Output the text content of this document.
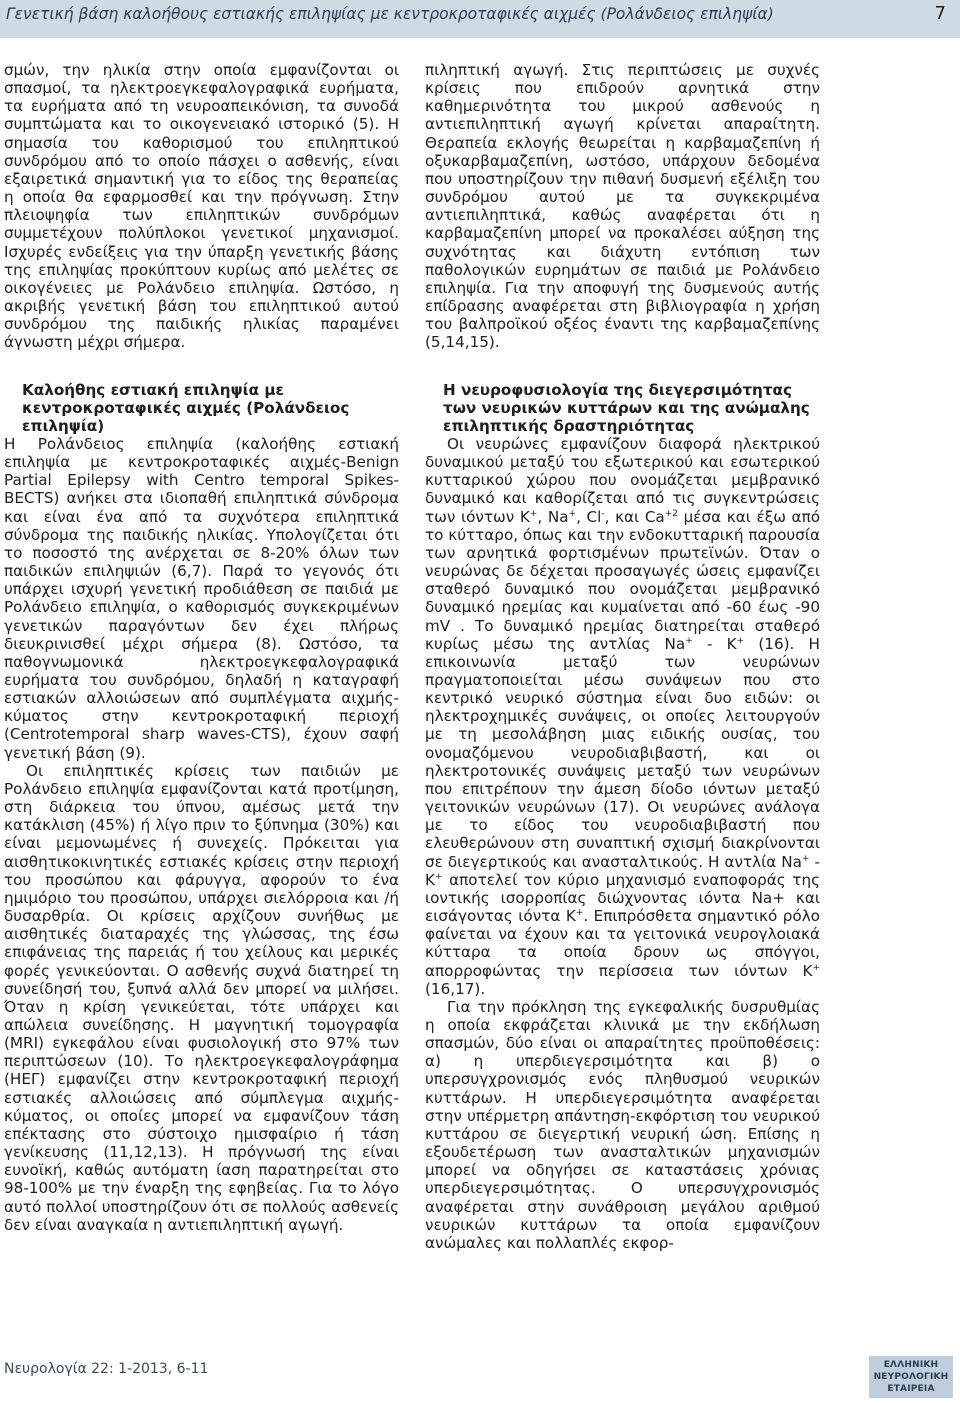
Γενετική βάση καλοήθους εστιακής επιληψίας με κεντροκροταφικές αιχμές (Ρολάνδειος επιληψία)	7

σμών, την ηλικία στην οποία εμφανίζονται οι σπασμοί, τα ηλεκτροεγκεφαλογραφικά ευρήματα, τα ευρήματα από τη νευροαπεικόνιση, τα συνοδά συμπτώματα και το οικογενειακό ιστορικό (5). Η σημασία του καθορισμού του επιληπτικού συνδρόμου από το οποίο πάσχει ο ασθενής, είναι εξαιρετικά σημαντική για το είδος της θεραπείας η οποία θα εφαρμοσθεί και την πρόγνωση. Στην πλειοψηφία των επιληπτικών συνδρόμων συμμετέχουν πολύπλοκοι γενετικοί μηχανισμοί. Ισχυρές ενδείξεις για την ύπαρξη γενετικής βάσης της επιληψίας προκύπτουν κυρίως από μελέτες σε οικογένειες με Ρολάνδειο επιληψία. Ωστόσο, η ακριβής γενετική βάση του επιληπτικού αυτού συνδρόμου της παιδικής ηλικίας παραμένει άγνωστη μέχρι σήμερα.

Καλοήθης εστιακή επιληψία με
κεντροκροταφικές αιχμές (Ρολάνδειος
επιληψία)

Η Ρολάνδειος επιληψία (καλοήθης εστιακή επιληψία με κεντροκροταφικές αιχμές-Benign Partial Epilepsy with Centro temporal Spikes-BECTS) ανήκει στα ιδιοπαθή επιληπτικά σύνδρομα και είναι ένα από τα συχνότερα επιληπτικά σύνδρομα της παιδικής ηλικίας. Υπολογίζεται ότι το ποσοστό της ανέρχεται σε 8-20% όλων των παιδικών επιληψιών (6,7). Παρά το γεγονός ότι υπάρχει ισχυρή γενετική προδιάθεση σε παιδιά με Ρολάνδειο επιληψία, ο καθορισμός συγκεκριμένων γενετικών παραγόντων δεν έχει πλήρως διευκρινισθεί μέχρι σήμερα (8). Ωστόσο, τα παθογνωμονικά ηλεκτροεγκεφαλογραφικά ευρήματα του συνδρόμου, δηλαδή η καταγραφή εστιακών αλλοιώσεων από συμπλέγματα αιχμής-κύματος στην κεντροκροταφική περιοχή (Centrotemporal sharp waves-CTS), έχουν σαφή γενετική βάση (9).

Οι επιληπτικές κρίσεις των παιδιών με Ρολάνδειο επιληψία εμφανίζονται κατά προτίμηση, στη διάρκεια του ύπνου, αμέσως μετά την κατάκλιση (45%) ή λίγο πριν το ξύπνημα (30%) και είναι μεμονωμένες ή συνεχείς. Πρόκειται για αισθητικοκινητικές εστιακές κρίσεις στην περιοχή του προσώπου και φάρυγγα, αφορούν το ένα ημιμόριο του προσώπου, υπάρχει σιελόρροια και /ή δυσαρθρία. Οι κρίσεις αρχίζουν συνήθως με αισθητικές διαταραχές της γλώσσας, της έσω επιφάνειας της παρειάς ή του χείλους και μερικές φορές γενικεύονται. Ο ασθενής συχνά διατηρεί τη συνείδησή του, ξυπνά αλλά δεν μπορεί να μιλήσει. Όταν η κρίση γενικεύεται, τότε υπάρχει και απώλεια συνείδησης. Η μαγνητική τομογραφία (MRI) εγκεφάλου είναι φυσιολογική στο 97% των περιπτώσεων (10). Το ηλεκτροεγκεφαλογράφημα (ΗΕΓ) εμφανίζει στην κεντροκροταφική περιοχή εστιακές αλλοιώσεις από σύμπλεγμα αιχμής-κύματος, οι οποίες μπορεί να εμφανίζουν τάση επέκτασης στο σύστοιχο ημισφαίριο ή τάση γενίκευσης (11,12,13). Η πρόγνωσή της είναι ευνοϊκή, καθώς αυτόματη ίαση παρατηρείται στο 98-100% με την έναρξη της εφηβείας. Για το λόγο αυτό πολλοί υποστηρίζουν ότι σε πολλούς ασθενείς δεν είναι αναγκαία η αντιεπιληπτική αγωγή.

πιληπτική αγωγή. Στις περιπτώσεις με συχνές κρίσεις που επιδρούν αρνητικά στην καθημερινότητα του μικρού ασθενούς η αντιεπιληπτική αγωγή κρίνεται απαραίτητη. Θεραπεία εκλογής θεωρείται η καρβαμαζεπίνη ή οξυκαρβαμαζεπίνη, ωστόσο, υπάρχουν δεδομένα που υποστηρίζουν την πιθανή δυσμενή εξέλιξη του συνδρόμου αυτού με τα συγκεκριμένα αντιεπιληπτικά, καθώς αναφέρεται ότι η καρβαμαζεπίνη μπορεί να προκαλέσει αύξηση της συχνότητας και διάχυτη εντόπιση των παθολογικών ευρημάτων σε παιδιά με Ρολάνδειο επιληψία. Για την αποφυγή της δυσμενούς αυτής επίδρασης αναφέρεται στη βιβλιογραφία η χρήση του βαλπροϊκού οξέος έναντι της καρβαμαζεπίνης (5,14,15).

Η νευροφυσιολογία της διεγερσιμότητας
των νευρικών κυττάρων και της ανώμαλης
επιληπτικής δραστηριότητας

Οι νευρώνες εμφανίζουν διαφορά ηλεκτρικού δυναμικού μεταξύ του εξωτερικού και εσωτερικού κυτταρικού χώρου που ονομάζεται μεμβρανικό δυναμικό και καθορίζεται από τις συγκεντρώσεις των ιόντων K+, Na+, Cl-, και $Ca^{+2}$ μέσα και έξω από το κύτταρο, όπως και την ενδοκυτταρική παρουσία των αρνητικά φορτισμένων πρωτεϊνών. Όταν ο νευρώνας δε δέχεται προσαγωγές ώσεις εμφανίζει σταθερό δυναμικό που ονομάζεται μεμβρανικό δυναμικό ηρεμίας και κυμαίνεται από -60 έως -90 mV . Το δυναμικό ηρεμίας διατηρείται σταθερό κυρίως μέσω της αντλίας Na+ - K+ (16). Η επικοινωνία μεταξύ των νευρώνων πραγματοποιείται μέσω συνάψεων που στο κεντρικό νευρικό σύστημα είναι δυο ειδών: οι ηλεκτροχημικές συνάψεις, οι οποίες λειτουργούν με τη μεσολάβηση μιας ειδικής ουσίας, του ονομαζόμενου νευροδιαβιβαστή, και οι ηλεκτροτονικές συνάψεις μεταξύ των νευρώνων που επιτρέπουν την άμεση δίοδο ιόντων μεταξύ γειτονικών νευρώνων (17). Οι νευρώνες ανάλογα με το είδος του νευροδιαβιβαστή που ελευθερώνουν στη συναπτική σχισμή διακρίνονται σε διεγερτικούς και ανασταλτικούς. Η αντλία Na+ - K+ αποτελεί τον κύριο μηχανισμό εναποφοράς της ιοντικής ισορροπίας διώχνοντας ιόντα Na+ και εισάγοντας ιόντα K+. Επιπρόσθετα σημαντικό ρόλο φαίνεται να έχουν και τα γειτονικά νευρογλοιακά κύτταρα τα οποία δρουν ως σπόγγοι, απορροφώντας την περίσσεια των ιόντων K+ (16,17).

Για την πρόκληση της εγκεφαλικής δυσρυθμίας η οποία εκφράζεται κλινικά με την εκδήλωση σπασμών, δύο είναι οι απαραίτητες προϋποθέσεις: α) η υπερδιεγερσιμότητα και β) ο υπερσυγχρονισμός ενός πληθυσμού νευρικών κυττάρων. Η υπερδιεγερσιμότητα αναφέρεται στην υπέρμετρη απάντηση-εκφόρτιση του νευρικού κυττάρου σε διεγερτική νευρική ώση. Επίσης η εξουδετέρωση των ανασταλτικών μηχανισμών μπορεί να οδηγήσει σε καταστάσεις χρόνιας υπερδιεγερσιμότητας. Ο υπερσυγχρονισμός αναφέρεται στην συνάθροιση μεγάλου αριθμού νευρικών κυττάρων τα οποία εμφανίζουν ανώμαλες και πολλαπλές εκφορ-

Νευρολογία 22: 1-2013, 6-11	ΕΛΛΗΝΙΚΗ
ΝΕΥΡΟΛΟΓΙΚΗ
ΕΤΑΙΡΕΙΑ
